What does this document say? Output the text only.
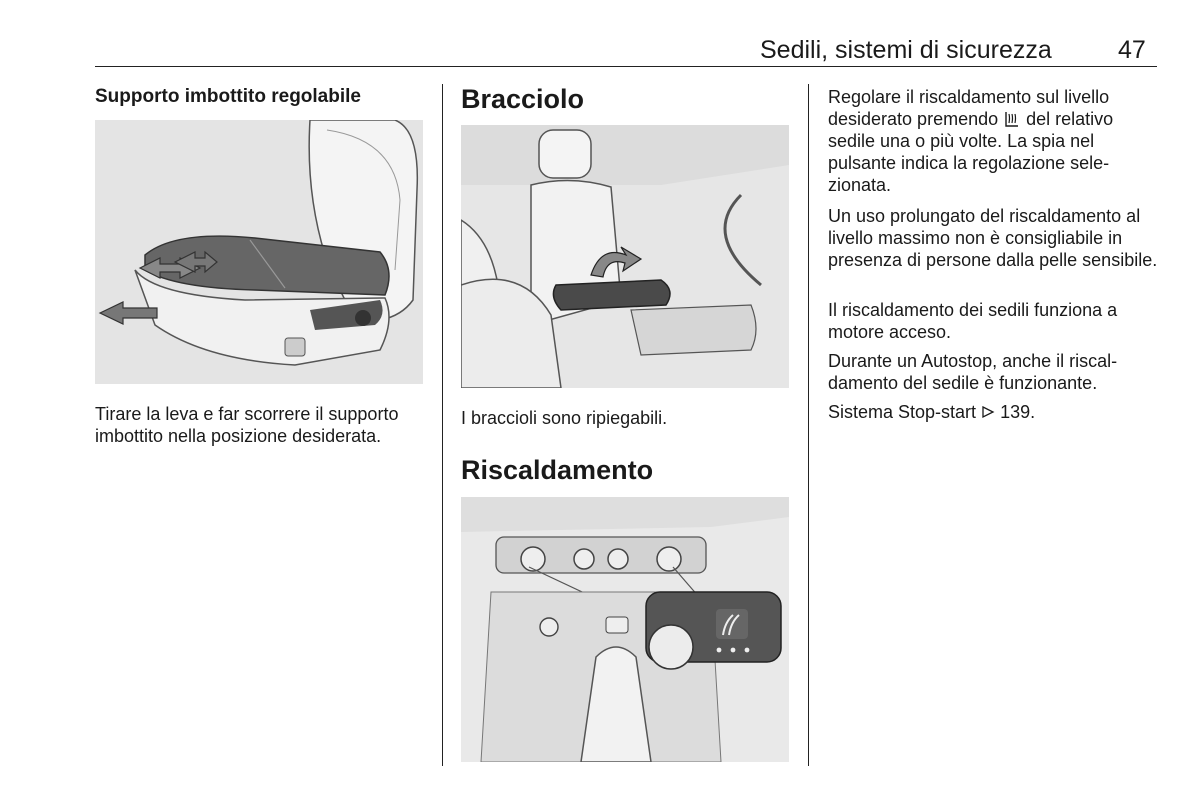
Sedili, sistemi di sicurezza	47
Supporto imbottito regolabile
Tirare la leva e far scorrere il supporto imbottito nella posizione desiderata.
Bracciolo
I braccioli sono ripiegabili.
Riscaldamento
Regolare il riscaldamento sul livello desiderato premendo  del relativo sedile una o più volte. La spia nel pulsante indica la regolazione sele-zionata.
Un uso prolungato del riscaldamento al livello massimo non è consigliabile in presenza di persone dalla pelle sensibile.
Il riscaldamento dei sedili funziona a motore acceso.
Durante un Autostop, anche il riscal-damento del sedile è funzionante.
Sistema Stop-start 139.
